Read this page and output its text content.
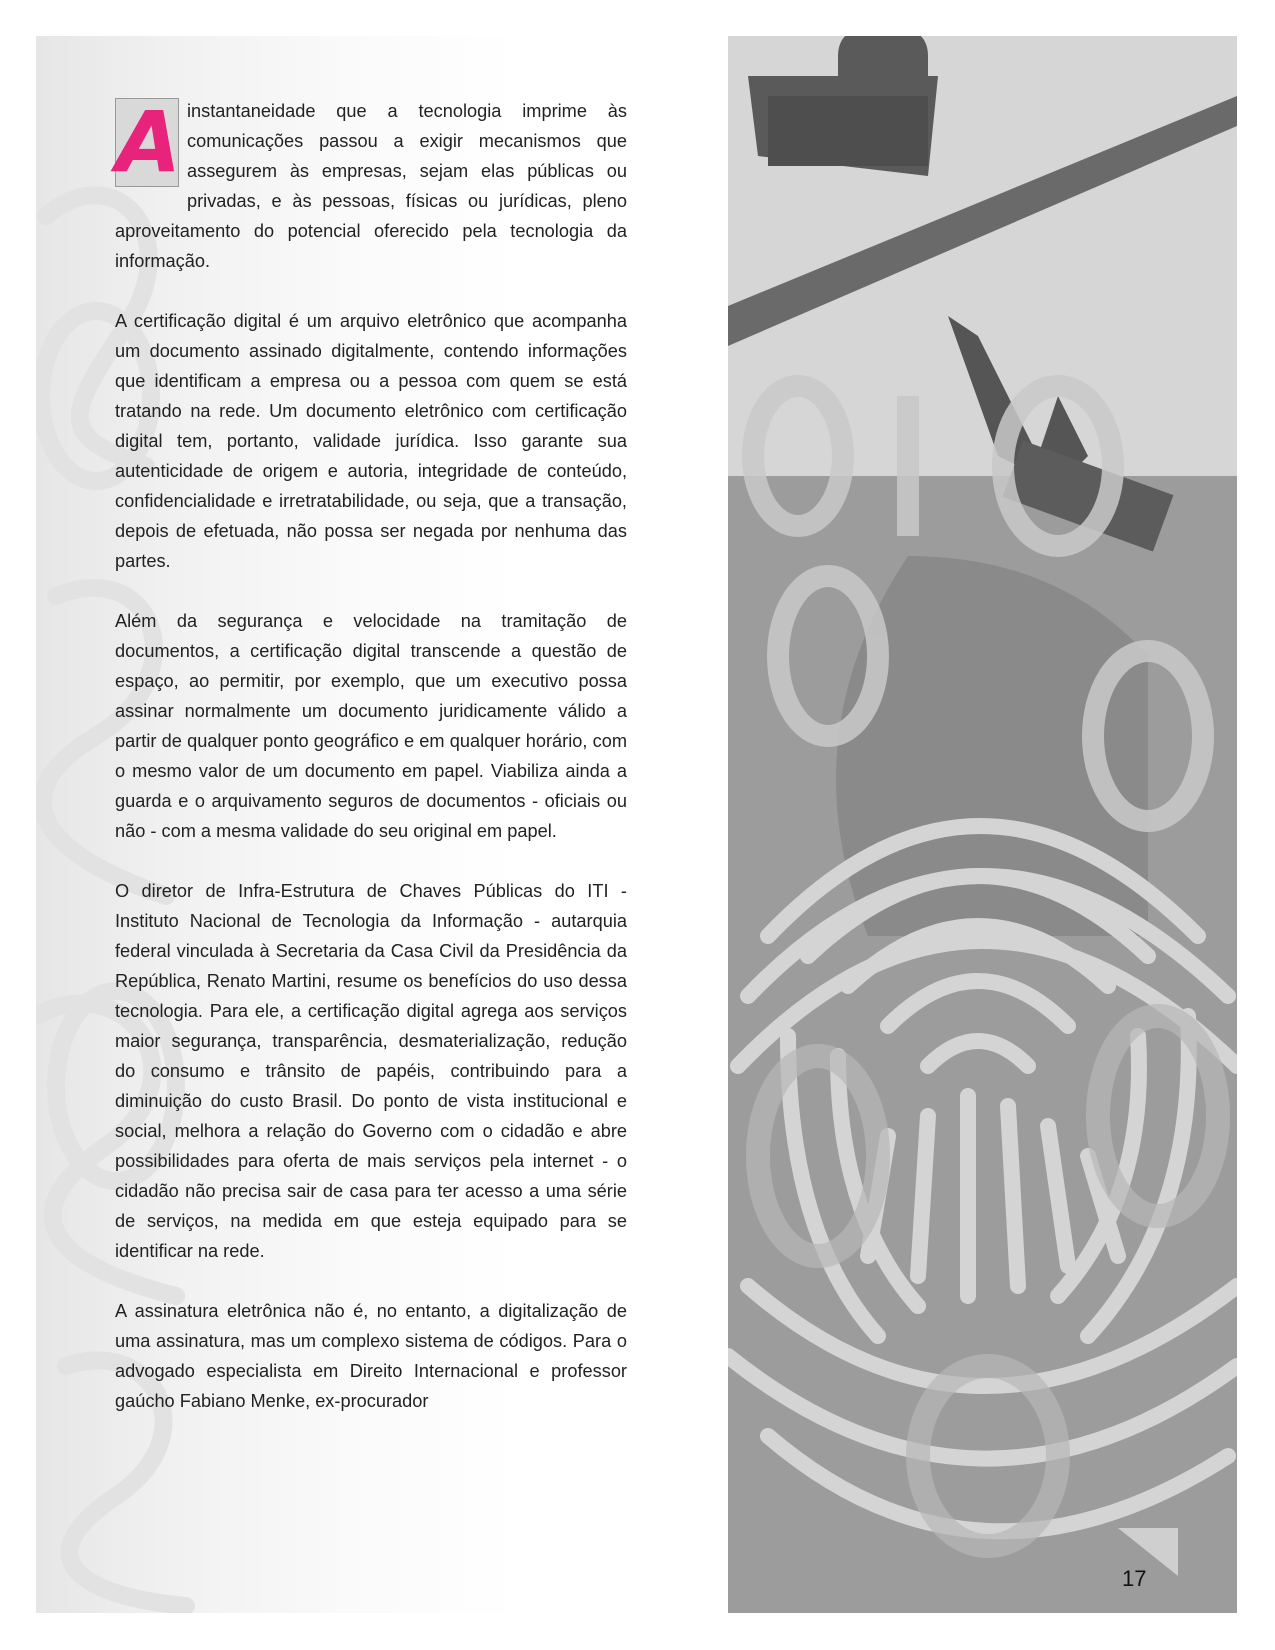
A instantaneidade que a tecnologia imprime às comunicações passou a exigir mecanismos que assegurem às empresas, sejam elas públicas ou privadas, e às pessoas, físicas ou jurídicas, pleno aproveitamento do potencial oferecido pela tecnologia da informação.

A certificação digital é um arquivo eletrônico que acompanha um documento assinado digitalmente, contendo informações que identificam a empresa ou a pessoa com quem se está tratando na rede. Um documento eletrônico com certificação digital tem, portanto, validade jurídica. Isso garante sua autenticidade de origem e autoria, integridade de conteúdo, confidencialidade e irretratabilidade, ou seja, que a transação, depois de efetuada, não possa ser negada por nenhuma das partes.

Além da segurança e velocidade na tramitação de documentos, a certificação digital transcende a questão de espaço, ao permitir, por exemplo, que um executivo possa assinar normalmente um documento juridicamente válido a partir de qualquer ponto geográfico e em qualquer horário, com o mesmo valor de um documento em papel. Viabiliza ainda a guarda e o arquivamento seguros de documentos - oficiais ou não - com a mesma validade do seu original em papel.

O diretor de Infra-Estrutura de Chaves Públicas do ITI - Instituto Nacional de Tecnologia da Informação - autarquia federal vinculada à Secretaria da Casa Civil da Presidência da República, Renato Martini, resume os benefícios do uso dessa tecnologia. Para ele, a certificação digital agrega aos serviços maior segurança, transparência, desmaterialização, redução do consumo e trânsito de papéis, contribuindo para a diminuição do custo Brasil. Do ponto de vista institucional e social, melhora a relação do Governo com o cidadão e abre possibilidades para oferta de mais serviços pela internet - o cidadão não precisa sair de casa para ter acesso a uma série de serviços, na medida em que esteja equipado para se identificar na rede.

A assinatura eletrônica não é, no entanto, a digitalização de uma assinatura, mas um complexo sistema de códigos. Para o advogado especialista em Direito Internacional e professor gaúcho Fabiano Menke, ex-procurador

17
